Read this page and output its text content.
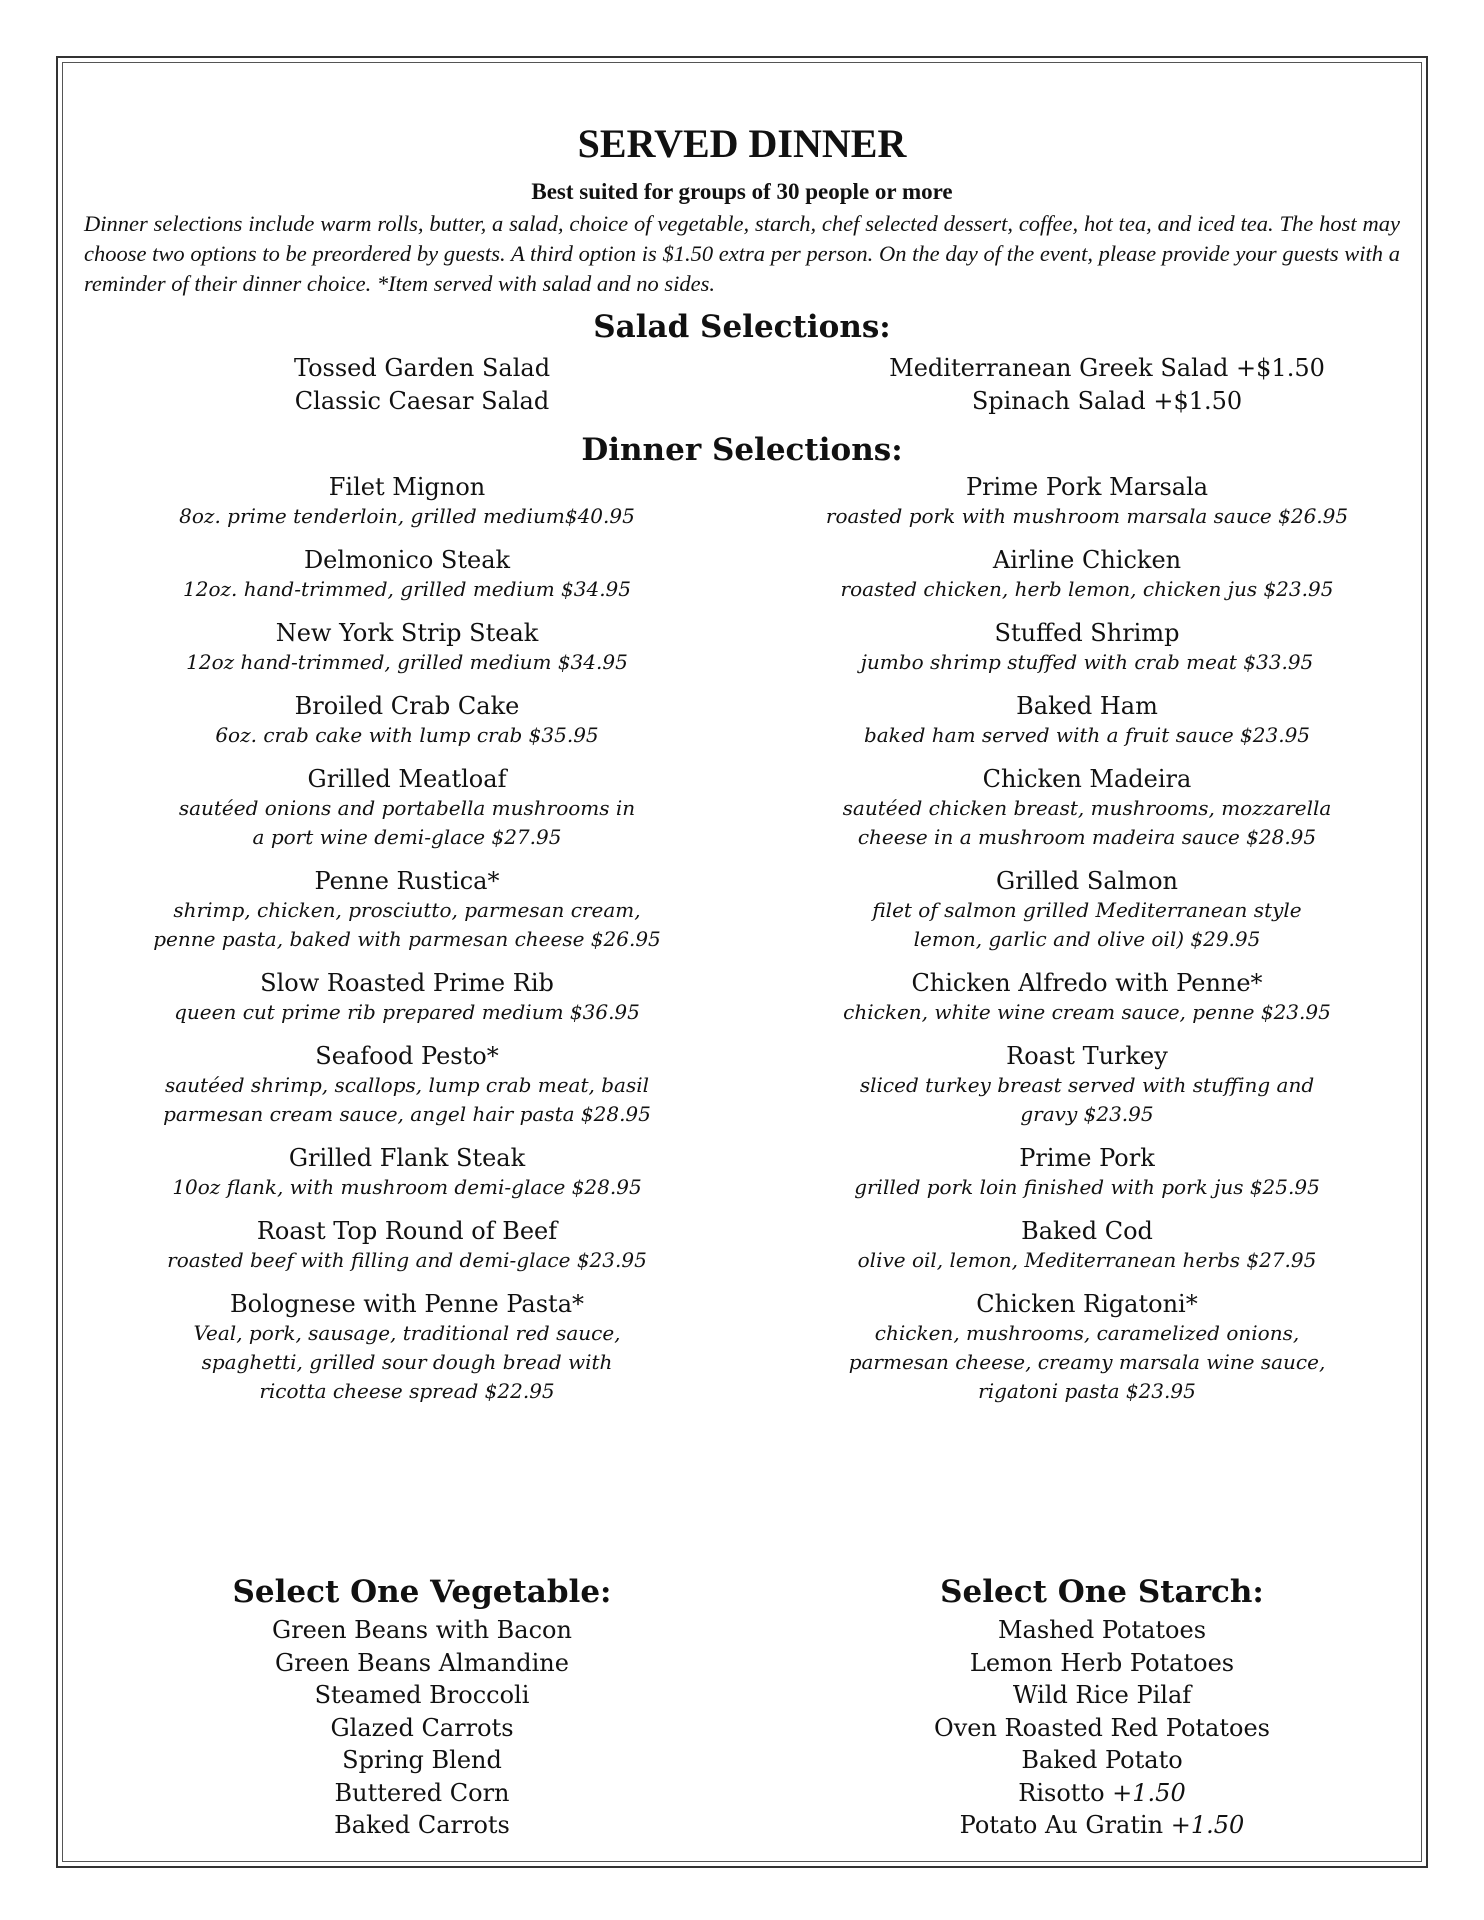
SERVED DINNER
Best suited for groups of 30 people or more
Dinner selections include warm rolls, butter, a salad, choice of vegetable, starch, chef selected dessert, coffee, hot tea, and iced tea. The host may choose two options to be preordered by guests. A third option is $1.50 extra per person. On the day of the event, please provide your guests with a reminder of their dinner choice. *Item served with salad and no sides.
Salad Selections:
Tossed Garden Salad
Classic Caesar Salad
Mediterranean Greek Salad +$1.50
Spinach Salad +$1.50
Dinner Selections:
Filet Mignon
8oz. prime tenderloin, grilled medium$40.95
Delmonico Steak
12oz. hand-trimmed, grilled medium $34.95
New York Strip Steak
12oz hand-trimmed, grilled medium $34.95
Broiled Crab Cake
6oz. crab cake with lump crab $35.95
Grilled Meatloaf
sautéed onions and portabella mushrooms in
a port wine demi-glace $27.95
Penne Rustica*
shrimp, chicken, prosciutto, parmesan cream,
penne pasta, baked with parmesan cheese $26.95
Slow Roasted Prime Rib
queen cut prime rib prepared medium $36.95
Seafood Pesto*
sautéed shrimp, scallops, lump crab meat, basil
parmesan cream sauce, angel hair pasta $28.95
Grilled Flank Steak
10oz flank, with mushroom demi-glace $28.95
Roast Top Round of Beef
roasted beef with filling and demi-glace $23.95
Bolognese with Penne Pasta*
Veal, pork, sausage, traditional red sauce,
spaghetti, grilled sour dough bread with
ricotta cheese spread $22.95
Prime Pork Marsala
roasted pork with mushroom marsala sauce $26.95
Airline Chicken
roasted chicken, herb lemon, chicken jus $23.95
Stuffed Shrimp
jumbo shrimp stuffed with crab meat $33.95
Baked Ham
baked ham served with a fruit sauce $23.95
Chicken Madeira
sautéed chicken breast, mushrooms, mozzarella
cheese in a mushroom madeira sauce $28.95
Grilled Salmon
filet of salmon grilled Mediterranean style
lemon, garlic and olive oil) $29.95
Chicken Alfredo with Penne*
chicken, white wine cream sauce, penne $23.95
Roast Turkey
sliced turkey breast served with stuffing and
gravy $23.95
Prime Pork
grilled pork loin finished with pork jus $25.95
Baked Cod
olive oil, lemon, Mediterranean herbs $27.95
Chicken Rigatoni*
chicken, mushrooms, caramelized onions,
parmesan cheese, creamy marsala wine sauce,
rigatoni pasta $23.95
Select One Vegetable:
Green Beans with Bacon
Green Beans Almandine
Steamed Broccoli
Glazed Carrots
Spring Blend
Buttered Corn
Baked Carrots
Select One Starch:
Mashed Potatoes
Lemon Herb Potatoes
Wild Rice Pilaf
Oven Roasted Red Potatoes
Baked Potato
Risotto +1.50
Potato Au Gratin +1.50
